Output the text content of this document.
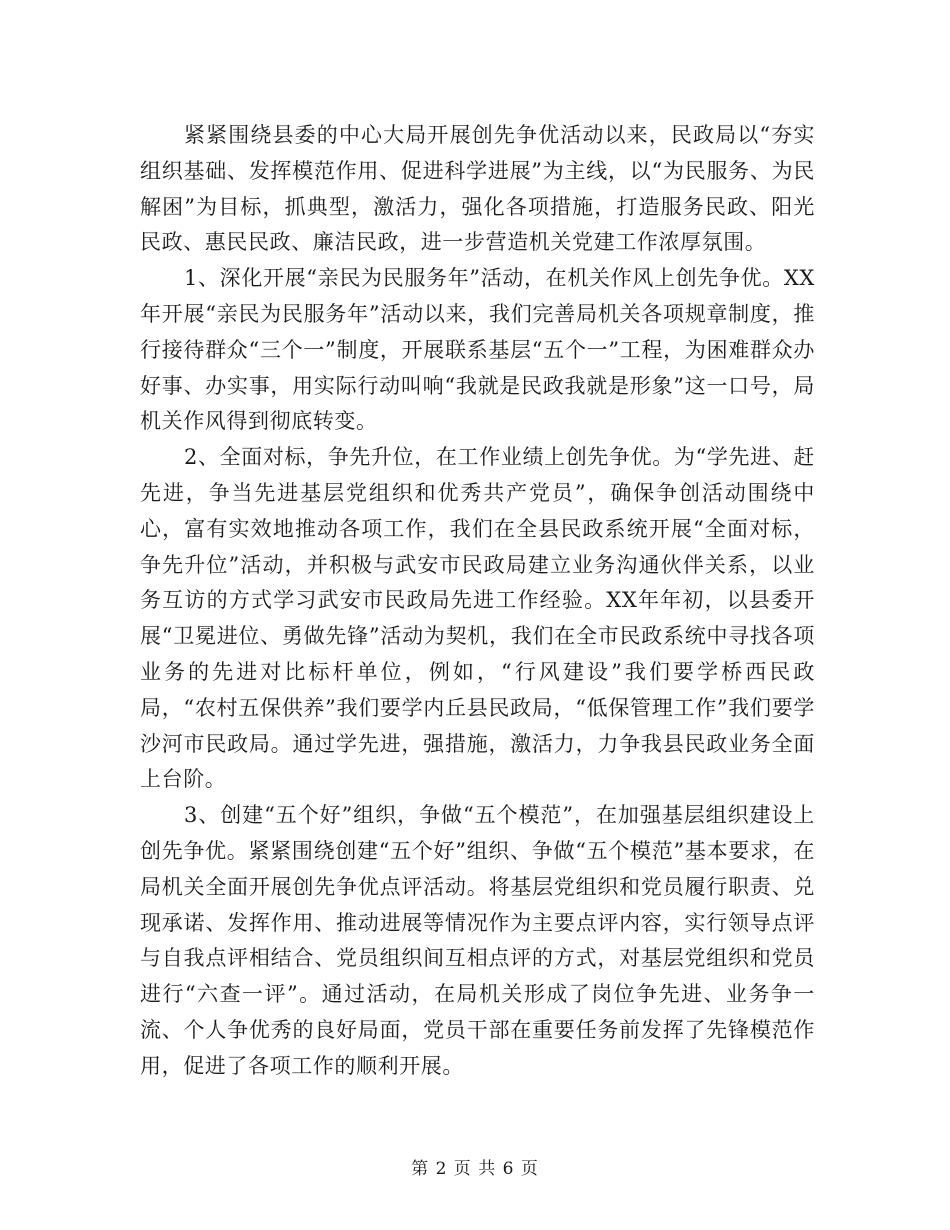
紧紧围绕县委的中心大局开展创先争优活动以来，民政局以“夯实组织基础、发挥模范作用、促进科学进展”为主线，以“为民服务、为民解困”为目标，抓典型，激活力，强化各项措施，打造服务民政、阳光民政、惠民民政、廉洁民政，进一步营造机关党建工作浓厚氛围。

1、深化开展“亲民为民服务年”活动，在机关作风上创先争优。XX年开展“亲民为民服务年”活动以来，我们完善局机关各项规章制度，推行接待群众“三个一”制度，开展联系基层“五个一”工程，为困难群众办好事、办实事，用实际行动叫响“我就是民政我就是形象”这一口号，局机关作风得到彻底转变。

2、全面对标，争先升位，在工作业绩上创先争优。为“学先进、赶先进，争当先进基层党组织和优秀共产党员”，确保争创活动围绕中心，富有实效地推动各项工作，我们在全县民政系统开展“全面对标，争先升位”活动，并积极与武安市民政局建立业务沟通伙伴关系，以业务互访的方式学习武安市民政局先进工作经验。XX年年初，以县委开展“卫冕进位、勇做先锋”活动为契机，我们在全市民政系统中寻找各项业务的先进对比标杆单位，例如，“行风建设”我们要学桥西民政局，“农村五保供养”我们要学内丘县民政局，“低保管理工作”我们要学沙河市民政局。通过学先进，强措施，激活力，力争我县民政业务全面上台阶。

3、创建“五个好”组织，争做“五个模范”，在加强基层组织建设上创先争优。紧紧围绕创建“五个好”组织、争做“五个模范”基本要求，在局机关全面开展创先争优点评活动。将基层党组织和党员履行职责、兑现承诺、发挥作用、推动进展等情况作为主要点评内容，实行领导点评与自我点评相结合、党员组织间互相点评的方式，对基层党组织和党员进行“六查一评”。通过活动，在局机关形成了岗位争先进、业务争一流、个人争优秀的良好局面，党员干部在重要任务前发挥了先锋模范作用，促进了各项工作的顺利开展。

第 2 页 共 6 页
